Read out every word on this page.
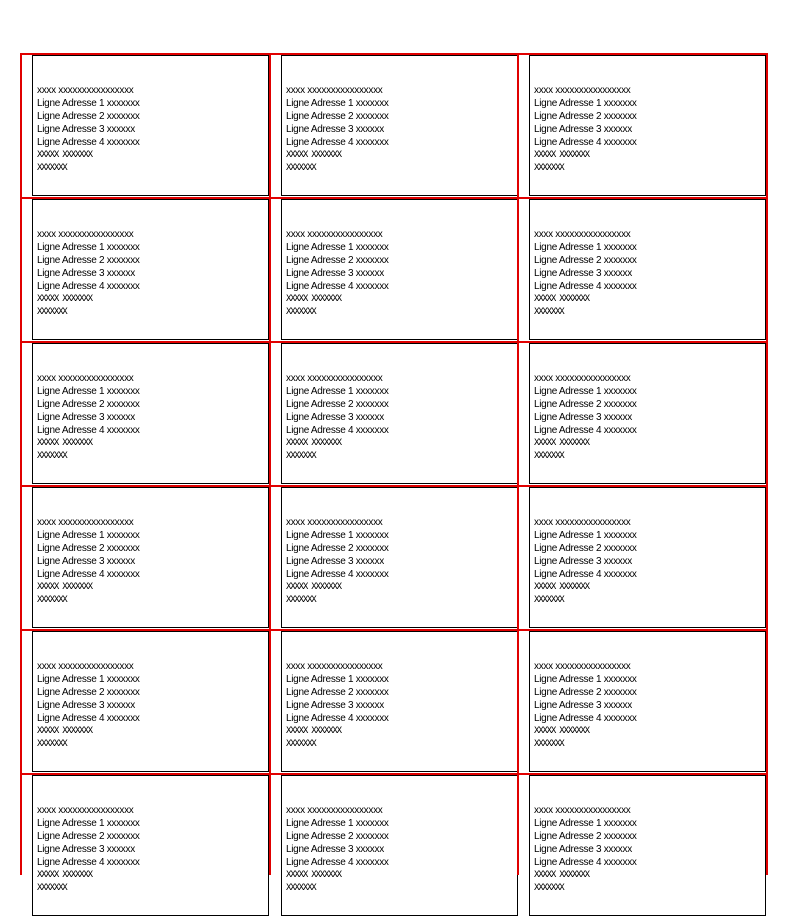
xxxx xxxxxxxxxxxxxxxx
Ligne Adresse 1 xxxxxxx
Ligne Adresse 2 xxxxxxx
Ligne Adresse 3 xxxxxx
Ligne Adresse 4 xxxxxxx
XXXXX XXXXXXX
XXXXXXX
xxxx xxxxxxxxxxxxxxxx
Ligne Adresse 1 xxxxxxx
Ligne Adresse 2 xxxxxxx
Ligne Adresse 3 xxxxxx
Ligne Adresse 4 xxxxxxx
XXXXX XXXXXXX
XXXXXXX
xxxx xxxxxxxxxxxxxxxx
Ligne Adresse 1 xxxxxxx
Ligne Adresse 2 xxxxxxx
Ligne Adresse 3 xxxxxx
Ligne Adresse 4 xxxxxxx
XXXXX XXXXXXX
XXXXXXX
xxxx xxxxxxxxxxxxxxxx
Ligne Adresse 1 xxxxxxx
Ligne Adresse 2 xxxxxxx
Ligne Adresse 3 xxxxxx
Ligne Adresse 4 xxxxxxx
XXXXX XXXXXXX
XXXXXXX
xxxx xxxxxxxxxxxxxxxx
Ligne Adresse 1 xxxxxxx
Ligne Adresse 2 xxxxxxx
Ligne Adresse 3 xxxxxx
Ligne Adresse 4 xxxxxxx
XXXXX XXXXXXX
XXXXXXX
xxxx xxxxxxxxxxxxxxxx
Ligne Adresse 1 xxxxxxx
Ligne Adresse 2 xxxxxxx
Ligne Adresse 3 xxxxxx
Ligne Adresse 4 xxxxxxx
XXXXX XXXXXXX
XXXXXXX
xxxx xxxxxxxxxxxxxxxx
Ligne Adresse 1 xxxxxxx
Ligne Adresse 2 xxxxxxx
Ligne Adresse 3 xxxxxx
Ligne Adresse 4 xxxxxxx
XXXXX XXXXXXX
XXXXXXX
xxxx xxxxxxxxxxxxxxxx
Ligne Adresse 1 xxxxxxx
Ligne Adresse 2 xxxxxxx
Ligne Adresse 3 xxxxxx
Ligne Adresse 4 xxxxxxx
XXXXX XXXXXXX
XXXXXXX
xxxx xxxxxxxxxxxxxxxx
Ligne Adresse 1 xxxxxxx
Ligne Adresse 2 xxxxxxx
Ligne Adresse 3 xxxxxx
Ligne Adresse 4 xxxxxxx
XXXXX XXXXXXX
XXXXXXX
xxxx xxxxxxxxxxxxxxxx
Ligne Adresse 1 xxxxxxx
Ligne Adresse 2 xxxxxxx
Ligne Adresse 3 xxxxxx
Ligne Adresse 4 xxxxxxx
XXXXX XXXXXXX
XXXXXXX
xxxx xxxxxxxxxxxxxxxx
Ligne Adresse 1 xxxxxxx
Ligne Adresse 2 xxxxxxx
Ligne Adresse 3 xxxxxx
Ligne Adresse 4 xxxxxxx
XXXXX XXXXXXX
XXXXXXX
xxxx xxxxxxxxxxxxxxxx
Ligne Adresse 1 xxxxxxx
Ligne Adresse 2 xxxxxxx
Ligne Adresse 3 xxxxxx
Ligne Adresse 4 xxxxxxx
XXXXX XXXXXXX
XXXXXXX
xxxx xxxxxxxxxxxxxxxx
Ligne Adresse 1 xxxxxxx
Ligne Adresse 2 xxxxxxx
Ligne Adresse 3 xxxxxx
Ligne Adresse 4 xxxxxxx
XXXXX XXXXXXX
XXXXXXX
xxxx xxxxxxxxxxxxxxxx
Ligne Adresse 1 xxxxxxx
Ligne Adresse 2 xxxxxxx
Ligne Adresse 3 xxxxxx
Ligne Adresse 4 xxxxxxx
XXXXX XXXXXXX
XXXXXXX
xxxx xxxxxxxxxxxxxxxx
Ligne Adresse 1 xxxxxxx
Ligne Adresse 2 xxxxxxx
Ligne Adresse 3 xxxxxx
Ligne Adresse 4 xxxxxxx
XXXXX XXXXXXX
XXXXXXX
xxxx xxxxxxxxxxxxxxxx
Ligne Adresse 1 xxxxxxx
Ligne Adresse 2 xxxxxxx
Ligne Adresse 3 xxxxxx
Ligne Adresse 4 xxxxxxx
XXXXX XXXXXXX
XXXXXXX
xxxx xxxxxxxxxxxxxxxx
Ligne Adresse 1 xxxxxxx
Ligne Adresse 2 xxxxxxx
Ligne Adresse 3 xxxxxx
Ligne Adresse 4 xxxxxxx
XXXXX XXXXXXX
XXXXXXX
xxxx xxxxxxxxxxxxxxxx
Ligne Adresse 1 xxxxxxx
Ligne Adresse 2 xxxxxxx
Ligne Adresse 3 xxxxxx
Ligne Adresse 4 xxxxxxx
XXXXX XXXXXXX
XXXXXXX
